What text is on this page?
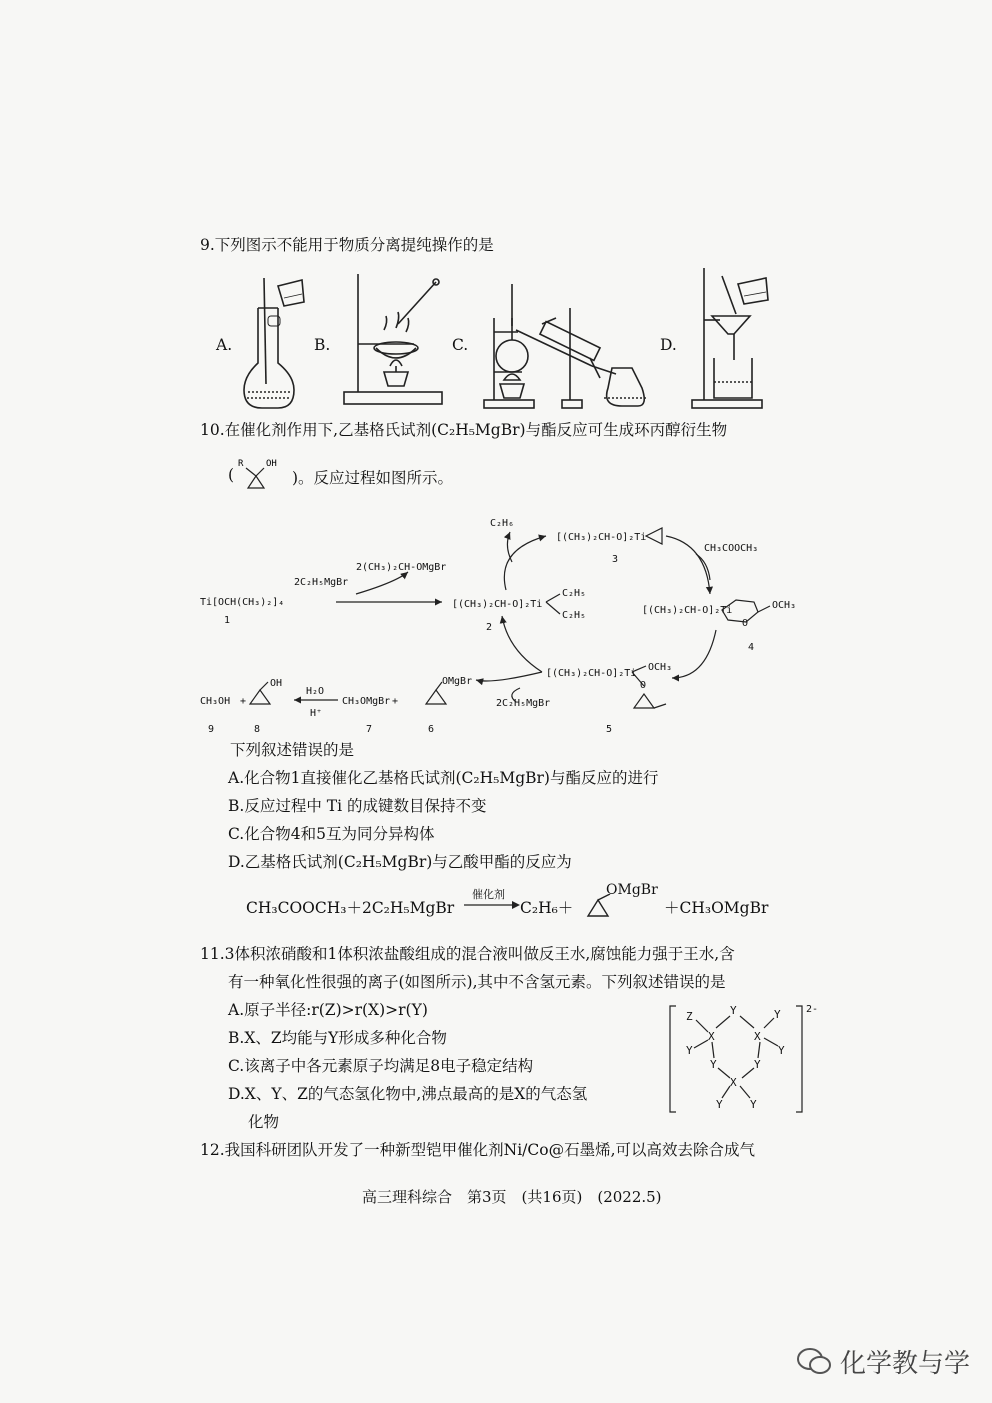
9.下列图示不能用于物质分离提纯操作的是
A.	B.	C.	D.
10.在催化剂作用下,乙基格氏试剂(C₂H₅MgBr)与酯反应可生成环丙醇衍生物
(
R	OH
)。反应过程如图所示。
Ti[OCH(CH₃)₂]₄
1
2C₂H₅MgBr
2(CH₃)₂CH-OMgBr
[(CH₃)₂CH-O]₂Ti
C₂H₅
C₂H₅
2
C₂H₆
[(CH₃)₂CH-O]₂Ti
3
CH₃COOCH₃
[(CH₃)₂CH-O]₂Ti	OCH₃
O
4
[(CH₃)₂CH-O]₂Ti
OCH₃
O
5
2C₂H₅MgBr
OMgBr
6
CH₃OMgBr
7
H₂O
H⁺
OH
8
CH₃OH +	+
9
下列叙述错误的是
A.化合物1直接催化乙基格氏试剂(C₂H₅MgBr)与酯反应的进行
B.反应过程中 Ti 的成键数目保持不变
C.化合物4和5互为同分异构体
D.乙基格氏试剂(C₂H₅MgBr)与乙酸甲酯的反应为
CH₃COOCH₃＋2C₂H₅MgBr
催化剂
C₂H₆＋
OMgBr
＋CH₃OMgBr
11.3体积浓硝酸和1体积浓盐酸组成的混合液叫做反王水,腐蚀能力强于王水,含
有一种氧化性很强的离子(如图所示),其中不含氢元素。下列叙述错误的是
A.原子半径:r(Z)>r(X)>r(Y)
B.X、Z均能与Y形成多种化合物
C.该离子中各元素原子均满足8电子稳定结构
D.X、Y、Z的气态氢化物中,沸点最高的是X的气态氢
化物
Z	Y	Y
X	X
Y	Y
Y	Y
X
Y Y
2-
12.我国科研团队开发了一种新型铠甲催化剂Ni/Co@石墨烯,可以高效去除合成气
高三理科综合　第3页　(共16页)　(2022.5)
化学教与学
